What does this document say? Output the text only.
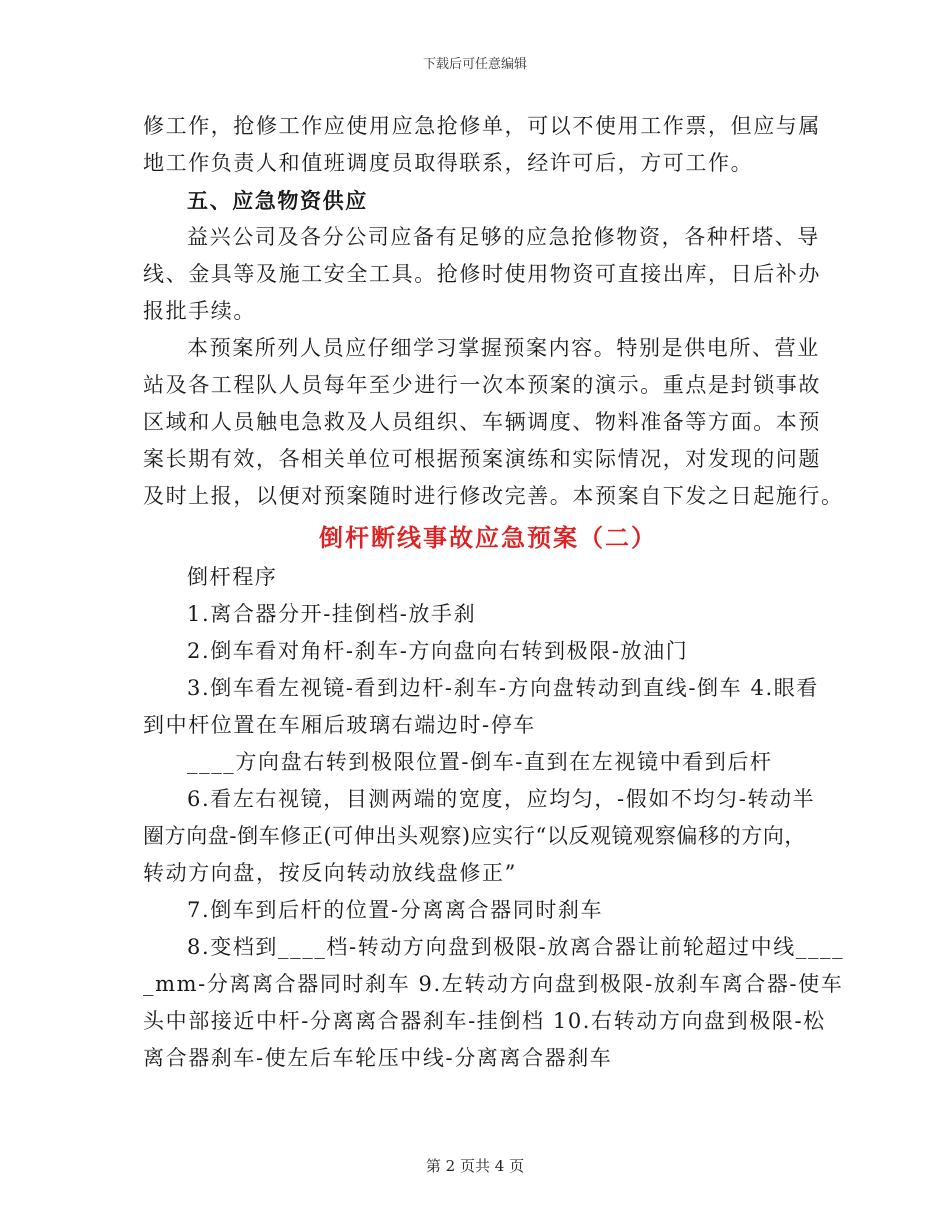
下载后可任意编辑
修工作，抢修工作应使用应急抢修单，可以不使用工作票，但应与属
地工作负责人和值班调度员取得联系，经许可后，方可工作。
五、应急物资供应
益兴公司及各分公司应备有足够的应急抢修物资，各种杆塔、导
线、金具等及施工安全工具。抢修时使用物资可直接出库，日后补办
报批手续。
本预案所列人员应仔细学习掌握预案内容。特别是供电所、营业
站及各工程队人员每年至少进行一次本预案的演示。重点是封锁事故
区域和人员触电急救及人员组织、车辆调度、物料准备等方面。本预
案长期有效，各相关单位可根据预案演练和实际情况，对发现的问题
及时上报，以便对预案随时进行修改完善。本预案自下发之日起施行。
倒杆断线事故应急预案（二）
倒杆程序
1.离合器分开-挂倒档-放手刹
2.倒车看对角杆-刹车-方向盘向右转到极限-放油门
3.倒车看左视镜-看到边杆-刹车-方向盘转动到直线-倒车 4.眼看
到中杆位置在车厢后玻璃右端边时-停车
____方向盘右转到极限位置-倒车-直到在左视镜中看到后杆
6.看左右视镜，目测两端的宽度，应均匀，-假如不均匀-转动半
圈方向盘-倒车修正(可伸出头观察)应实行“以反观镜观察偏移的方向，
转动方向盘，按反向转动放线盘修正”
7.倒车到后杆的位置-分离离合器同时刹车
8.变档到____档-转动方向盘到极限-放离合器让前轮超过中线____
_mm-分离离合器同时刹车 9.左转动方向盘到极限-放刹车离合器-使车
头中部接近中杆-分离离合器刹车-挂倒档 10.右转动方向盘到极限-松
离合器刹车-使左后车轮压中线-分离离合器刹车
第 2 页共 4 页
